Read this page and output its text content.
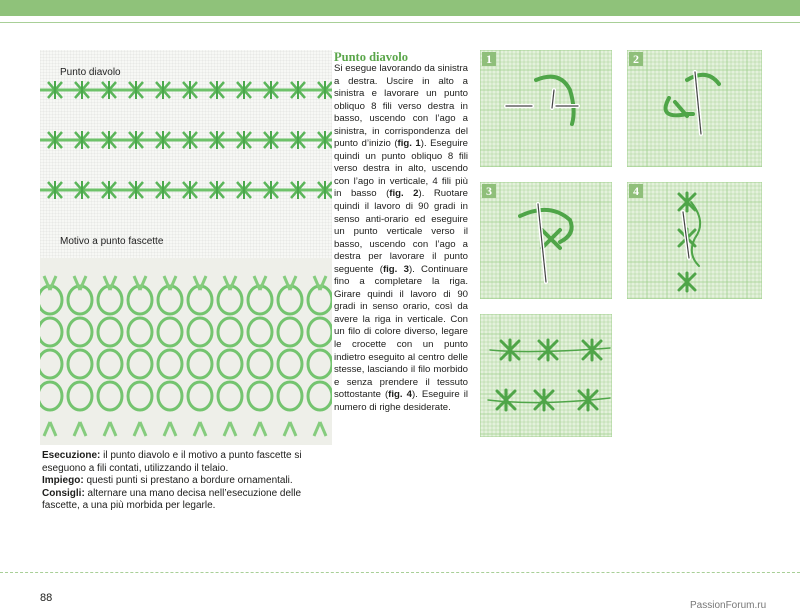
Punto diavolo
Motivo a punto fascette
Esecuzione: il punto diavolo e il motivo a punto fascette si eseguono a fili contati, utilizzando il telaio.
Impiego: questi punti si prestano a bordure ornamentali.
Consigli: alternare una mano decisa nell’esecuzione delle fascette, a una più morbida per legarle.
Punto diavolo
Si esegue lavorando da sinistra a destra. Uscire in alto a sinistra e lavorare un punto obliquo 8 fili verso destra in basso, uscendo con l’ago a sinistra, in corrispondenza del punto d’inizio (fig. 1). Eseguire quindi un punto obliquo 8 fili verso destra in alto, uscendo con l’ago in verticale, 4 fili più in basso (fig. 2). Ruotare quindi il lavoro di 90 gradi in senso anti-orario ed eseguire un punto verticale verso il basso, uscendo con l’ago a destra per lavorare il punto seguente (fig. 3). Continuare fino a completare la riga. Girare quindi il lavoro di 90 gradi in senso orario, così da avere la riga in verticale. Con un filo di colore diverso, legare le crocette con un punto indietro eseguito al centro delle stesse, lasciando il filo morbido e senza prendere il tessuto sottostante (fig. 4). Eseguire il numero di righe desiderate.
1	2
3	4
88
PassionForum.ru
